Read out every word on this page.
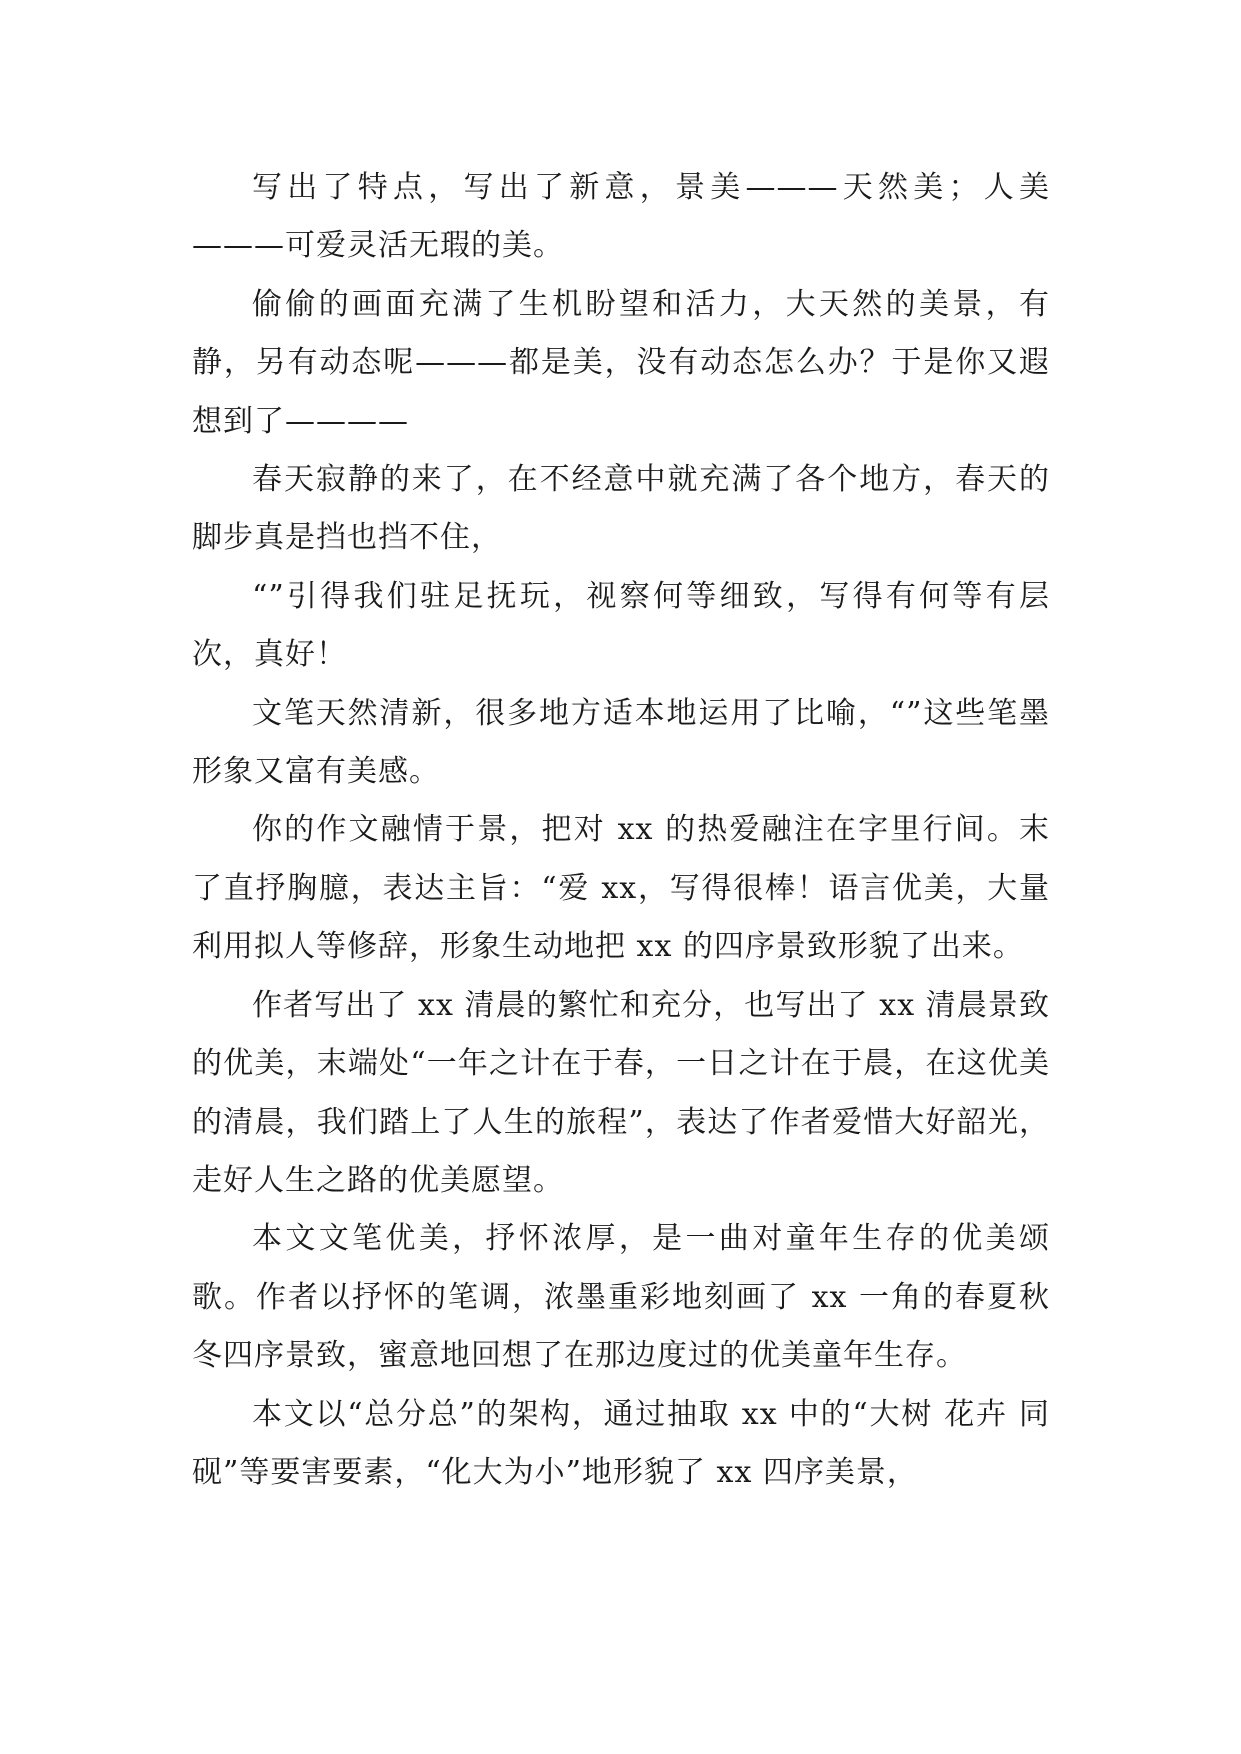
写出了特点，写出了新意，景美———天然美；人美———可爱灵活无瑕的美。

偷偷的画面充满了生机盼望和活力，大天然的美景，有静，另有动态呢———都是美，没有动态怎么办？于是你又遐想到了————

春天寂静的来了，在不经意中就充满了各个地方，春天的脚步真是挡也挡不住，

“”引得我们驻足抚玩，视察何等细致，写得有何等有层次，真好！

文笔天然清新，很多地方适本地运用了比喻，“”这些笔墨形象又富有美感。

你的作文融情于景，把对 xx 的热爱融注在字里行间。末了直抒胸臆，表达主旨：“爱 xx，写得很棒！语言优美，大量利用拟人等修辞，形象生动地把 xx 的四序景致形貌了出来。

作者写出了 xx 清晨的繁忙和充分，也写出了 xx 清晨景致的优美，末端处“一年之计在于春，一日之计在于晨，在这优美的清晨，我们踏上了人生的旅程”，表达了作者爱惜大好韶光，走好人生之路的优美愿望。

本文文笔优美，抒怀浓厚，是一曲对童年生存的优美颂歌。作者以抒怀的笔调，浓墨重彩地刻画了 xx 一角的春夏秋冬四序景致，蜜意地回想了在那边度过的优美童年生存。

本文以“总分总”的架构，通过抽取 xx 中的“大树 花卉 同砚”等要害要素，“化大为小”地形貌了 xx 四序美景，
